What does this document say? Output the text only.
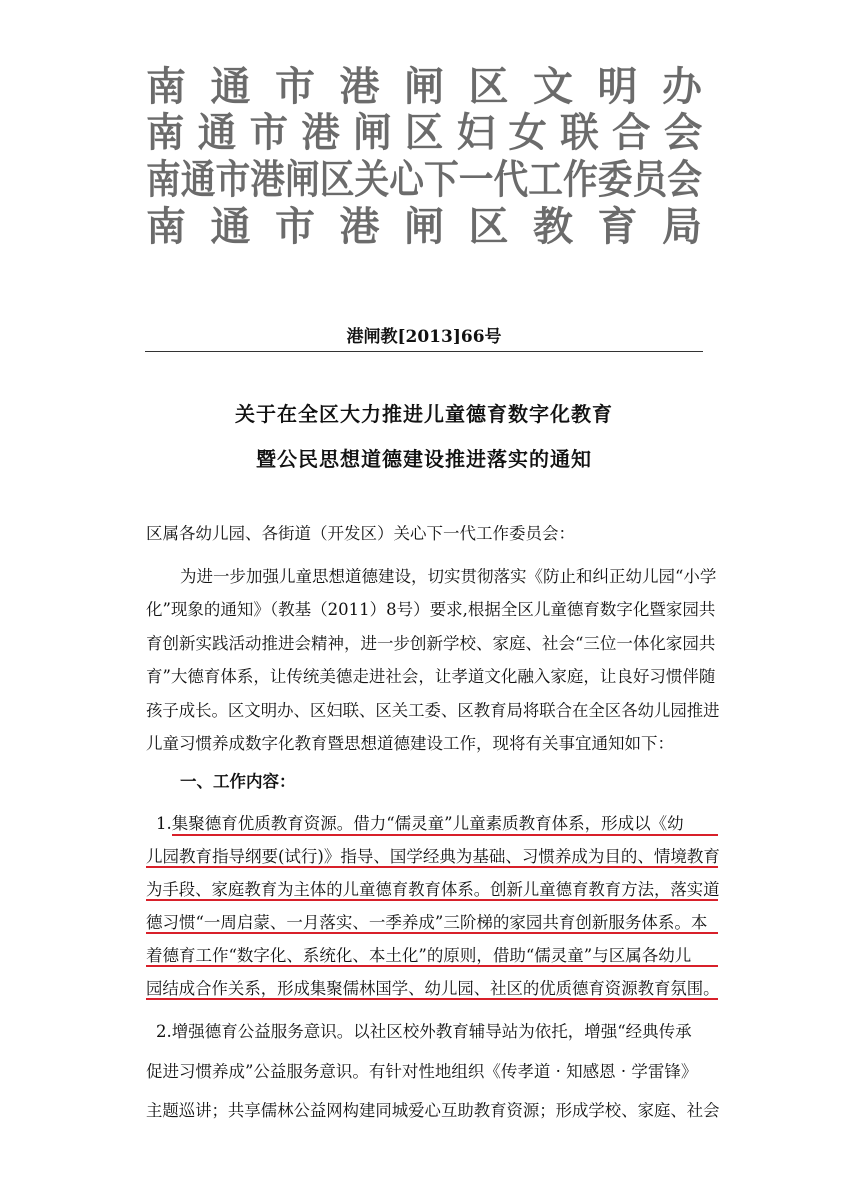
南 通 市 港 闸 区 文 明 办
南 通 市 港 闸 区 妇 女 联 合 会
南通市港闸区关心下一代工作委员会
南 通 市 港 闸 区 教 育 局
港闸教[2013]66号
关于在全区大力推进儿童德育数字化教育
暨公民思想道德建设推进落实的通知
区属各幼儿园、各街道（开发区）关心下一代工作委员会：
为进一步加强儿童思想道德建设，切实贯彻落实《防止和纠正幼儿园“小学
化”现象的通知》（教基（2011）8号）要求,根据全区儿童德育数字化暨家园共
育创新实践活动推进会精神，进一步创新学校、家庭、社会“三位一体化家园共
育”大德育体系，让传统美德走进社会，让孝道文化融入家庭，让良好习惯伴随
孩子成长。区文明办、区妇联、区关工委、区教育局将联合在全区各幼儿园推进
儿童习惯养成数字化教育暨思想道德建设工作，现将有关事宜通知如下：
一、工作内容：
1.集聚德育优质教育资源。借力“儒灵童”儿童素质教育体系，形成以《幼
儿园教育指导纲要(试行)》指导、国学经典为基础、习惯养成为目的、情境教育
为手段、家庭教育为主体的儿童德育教育体系。创新儿童德育教育方法，落实道
德习惯“一周启蒙、一月落实、一季养成”三阶梯的家园共育创新服务体系。本
着德育工作“数字化、系统化、本土化”的原则，借助“儒灵童”与区属各幼儿
园结成合作关系，形成集聚儒林国学、幼儿园、社区的优质德育资源教育氛围。
2.增强德育公益服务意识。以社区校外教育辅导站为依托，增强“经典传承
促进习惯养成”公益服务意识。有针对性地组织《传孝道 · 知感恩 · 学雷锋》
主题巡讲；共享儒林公益网构建同城爱心互助教育资源；形成学校、家庭、社会
